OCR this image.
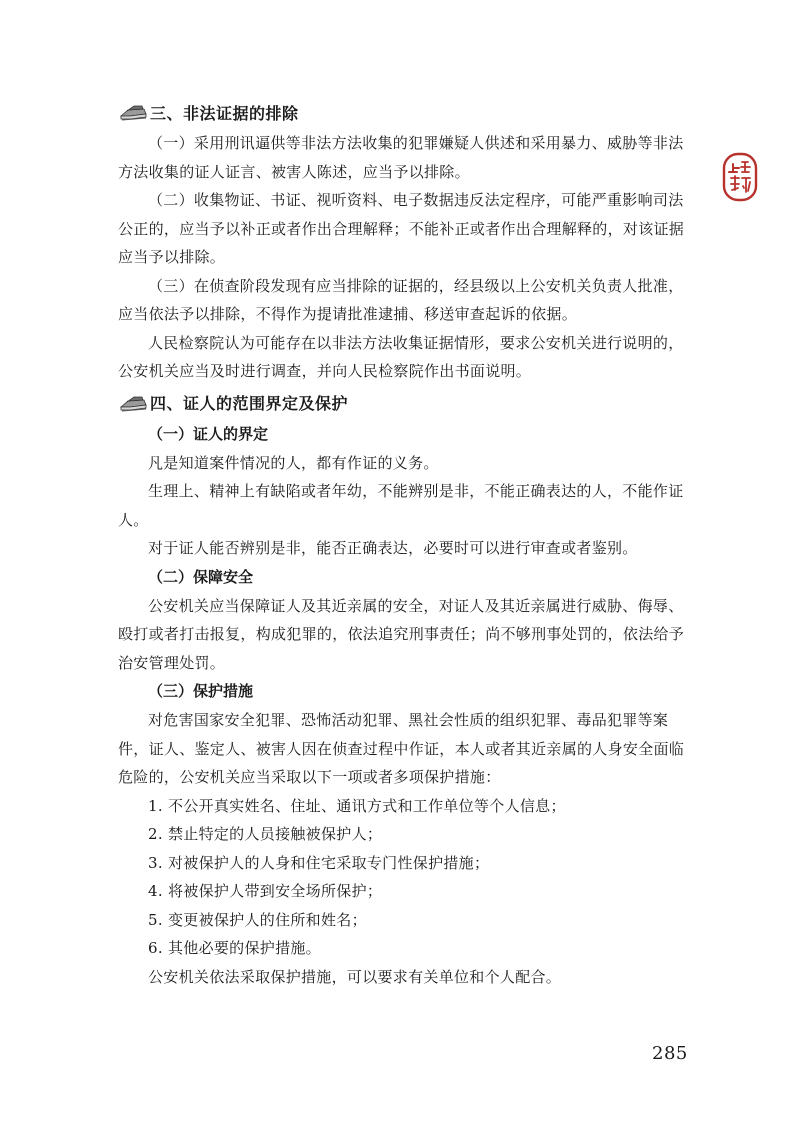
三、非法证据的排除

（一）采用刑讯逼供等非法方法收集的犯罪嫌疑人供述和采用暴力、威胁等非法方法收集的证人证言、被害人陈述，应当予以排除。

（二）收集物证、书证、视听资料、电子数据违反法定程序，可能严重影响司法公正的，应当予以补正或者作出合理解释；不能补正或者作出合理解释的，对该证据应当予以排除。

（三）在侦查阶段发现有应当排除的证据的，经县级以上公安机关负责人批准，应当依法予以排除，不得作为提请批准逮捕、移送审查起诉的依据。

人民检察院认为可能存在以非法方法收集证据情形，要求公安机关进行说明的，公安机关应当及时进行调查，并向人民检察院作出书面说明。

四、证人的范围界定及保护

（一）证人的界定

凡是知道案件情况的人，都有作证的义务。

生理上、精神上有缺陷或者年幼，不能辨别是非，不能正确表达的人，不能作证人。

对于证人能否辨别是非，能否正确表达，必要时可以进行审查或者鉴别。

（二）保障安全

公安机关应当保障证人及其近亲属的安全，对证人及其近亲属进行威胁、侮辱、殴打或者打击报复，构成犯罪的，依法追究刑事责任；尚不够刑事处罚的，依法给予治安管理处罚。

（三）保护措施

对危害国家安全犯罪、恐怖活动犯罪、黑社会性质的组织犯罪、毒品犯罪等案件，证人、鉴定人、被害人因在侦查过程中作证，本人或者其近亲属的人身安全面临危险的，公安机关应当采取以下一项或者多项保护措施：

1. 不公开真实姓名、住址、通讯方式和工作单位等个人信息；

2. 禁止特定的人员接触被保护人；

3. 对被保护人的人身和住宅采取专门性保护措施；

4. 将被保护人带到安全场所保护；

5. 变更被保护人的住所和姓名；

6. 其他必要的保护措施。

公安机关依法采取保护措施，可以要求有关单位和个人配合。

285
